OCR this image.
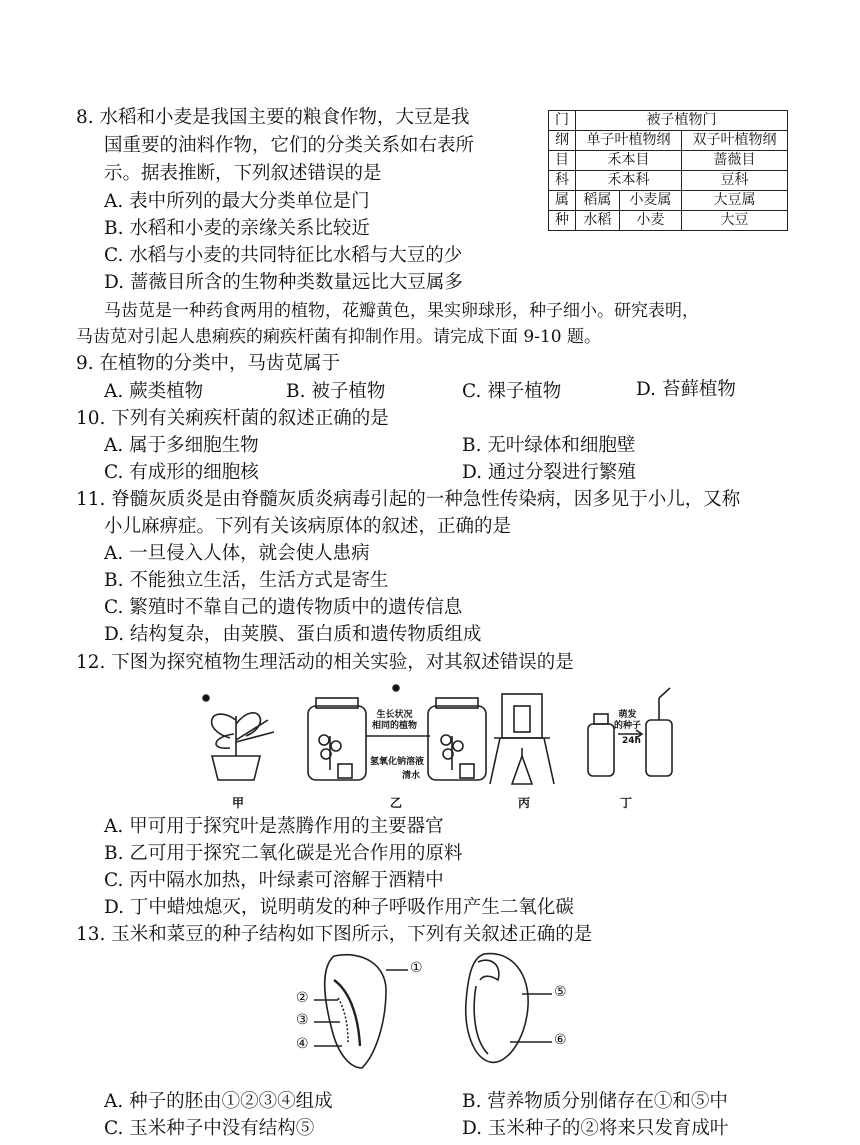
8. 水稻和小麦是我国主要的粮食作物，大豆是我
国重要的油料作物，它们的分类关系如右表所
示。据表推断，下列叙述错误的是
A. 表中所列的最大分类单位是门
B. 水稻和小麦的亲缘关系比较近
C. 水稻与小麦的共同特征比水稻与大豆的少
D. 蔷薇目所含的生物种类数量远比大豆属多
门	被子植物门		
纲	单子叶植物纲		双子叶植物纲
目	禾本目		蔷薇目
科	禾本科		豆科
属	稻属	小麦属	大豆属
种	水稻	小麦	大豆
马齿苋是一种药食两用的植物，花瓣黄色，果实卵球形，种子细小。研究表明，
马齿苋对引起人患痢疾的痢疾杆菌有抑制作用。请完成下面 9-10 题。
9. 在植物的分类中，马齿苋属于
A. 蕨类植物	B. 被子植物	C. 裸子植物	D. 苔藓植物
10. 下列有关痢疾杆菌的叙述正确的是
A. 属于多细胞生物	B. 无叶绿体和细胞壁
C. 有成形的细胞核	D. 通过分裂进行繁殖
11. 脊髓灰质炎是由脊髓灰质炎病毒引起的一种急性传染病，因多见于小儿，又称
小儿麻痹症。下列有关该病原体的叙述，正确的是
A. 一旦侵入人体，就会使人患病
B. 不能独立生活，生活方式是寄生
C. 繁殖时不靠自己的遗传物质中的遗传信息
D. 结构复杂，由荚膜、蛋白质和遗传物质组成
12. 下图为探究植物生理活动的相关实验，对其叙述错误的是
甲	乙	丙	丁
生长状况
相同的植物
氢氧化钠溶液
清水
萌发
的种子
24h
A. 甲可用于探究叶是蒸腾作用的主要器官
B. 乙可用于探究二氧化碳是光合作用的原料
C. 丙中隔水加热，叶绿素可溶解于酒精中
D. 丁中蜡烛熄灭，说明萌发的种子呼吸作用产生二氧化碳
13. 玉米和菜豆的种子结构如下图所示，下列有关叙述正确的是
①
②
③
④
⑤
⑥
A. 种子的胚由①②③④组成	B. 营养物质分别储存在①和⑤中
C. 玉米种子中没有结构⑤	D. 玉米种子的②将来只发育成叶
